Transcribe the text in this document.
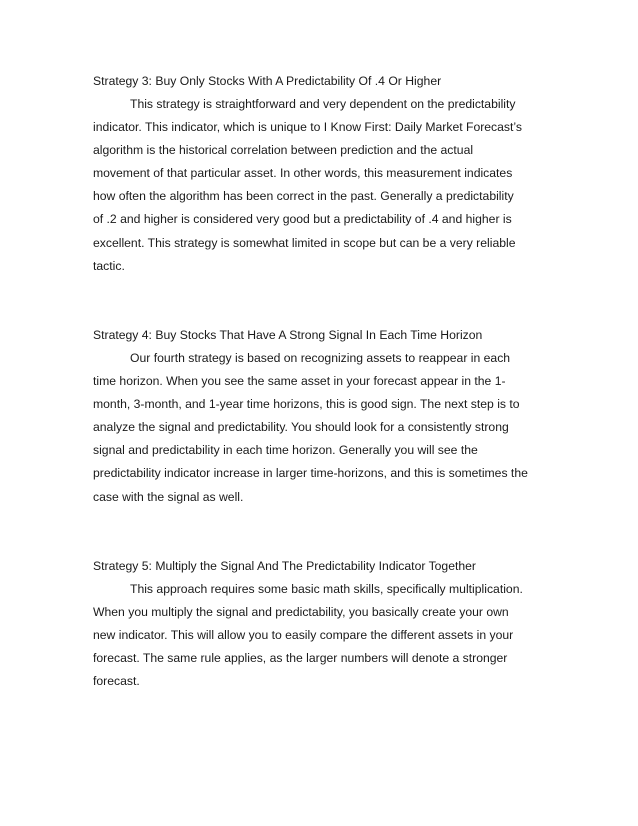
Strategy 3: Buy Only Stocks With A Predictability Of .4 Or Higher
This strategy is straightforward and very dependent on the predictability
indicator. This indicator, which is unique to I Know First: Daily Market Forecast’s
algorithm is the historical correlation between prediction and the actual
movement of that particular asset. In other words, this measurement indicates
how often the algorithm has been correct in the past. Generally a predictability
of .2 and higher is considered very good but a predictability of .4 and higher is
excellent. This strategy is somewhat limited in scope but can be a very reliable
tactic.
Strategy 4: Buy Stocks That Have A Strong Signal In Each Time Horizon
Our fourth strategy is based on recognizing assets to reappear in each
time horizon. When you see the same asset in your forecast appear in the 1-
month, 3-month, and 1-year time horizons, this is good sign. The next step is to
analyze the signal and predictability. You should look for a consistently strong
signal and predictability in each time horizon. Generally you will see the
predictability indicator increase in larger time-horizons, and this is sometimes the
case with the signal as well.
Strategy 5: Multiply the Signal And The Predictability Indicator Together
This approach requires some basic math skills, specifically multiplication.
When you multiply the signal and predictability, you basically create your own
new indicator. This will allow you to easily compare the different assets in your
forecast. The same rule applies, as the larger numbers will denote a stronger
forecast.
